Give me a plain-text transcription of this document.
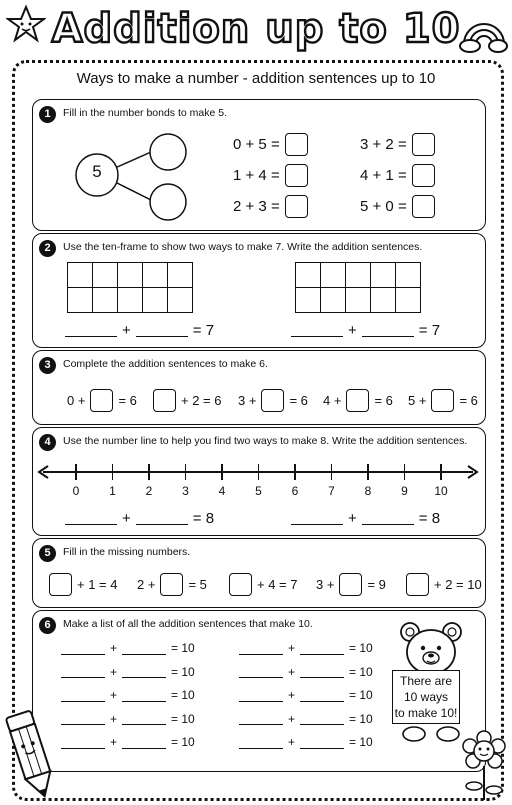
Addition up to 10
Ways to make a number - addition sentences up to 10
1	Fill in the number bonds to make 5.
5
0 + 5 =
1 + 4 =
2 + 3 =
3 + 2 =
4 + 1 =
5 + 0 =
2	Use the ten-frame to show two ways to make 7. Write the addition sentences.

+	= 7	+	= 7
3	Complete the addition sentences to make 6.
0 +	= 6	+ 2 = 6 3 +	= 6 4 +	= 6 5 +	= 6
4	Use the number line to help you find two ways to make 8. Write the addition sentences.
0	1	2	3	4	5	6	7	8	9	10
+	= 8	+	= 8
5	Fill in the missing numbers.
+ 1 = 4 2 +	= 5	+ 4 = 7 3 +	= 9	+ 2 = 10
6	Make a list of all the addition sentences that make 10.
+	= 10
+	= 10
+	= 10
+	= 10
+	= 10
+	= 10
+	= 10
+	= 10
+	= 10
+	= 10
There are
10 ways
to make 10!
